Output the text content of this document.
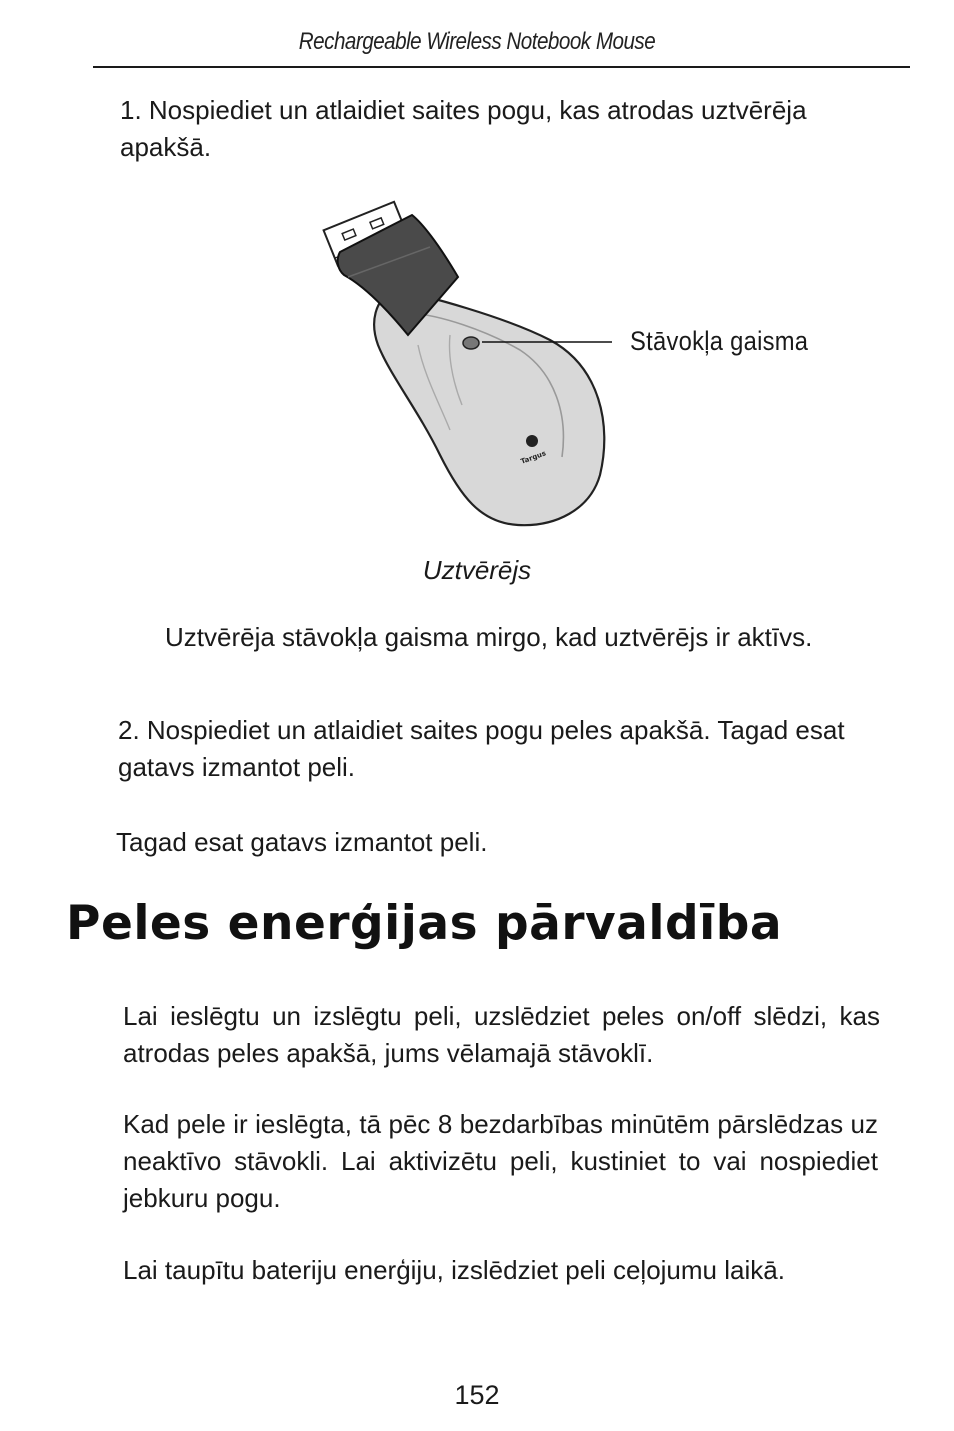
Rechargeable Wireless Notebook Mouse
1. Nospiediet un atlaidiet saites pogu, kas atrodas uztvērēja apakšā.
Targus
Stāvokļa gaisma
Uztvērējs
Uztvērēja stāvokļa gaisma mirgo, kad uztvērējs ir aktīvs.
2. Nospiediet un atlaidiet saites pogu peles apakšā. Tagad esat gatavs izmantot peli.
Tagad esat gatavs izmantot peli.
Peles enerģijas pārvaldība
Lai ieslēgtu un izslēgtu peli, uzslēdziet peles on/off slēdzi, kas atrodas peles apakšā, jums vēlamajā stāvoklī.
Kad pele ir ieslēgta, tā pēc 8 bezdarbības minūtēm pārslēdzas uz neaktīvo stāvokli. Lai aktivizētu peli, kustiniet to vai nospiediet jebkuru pogu.
Lai taupītu bateriju enerģiju, izslēdziet peli ceļojumu laikā.
152
